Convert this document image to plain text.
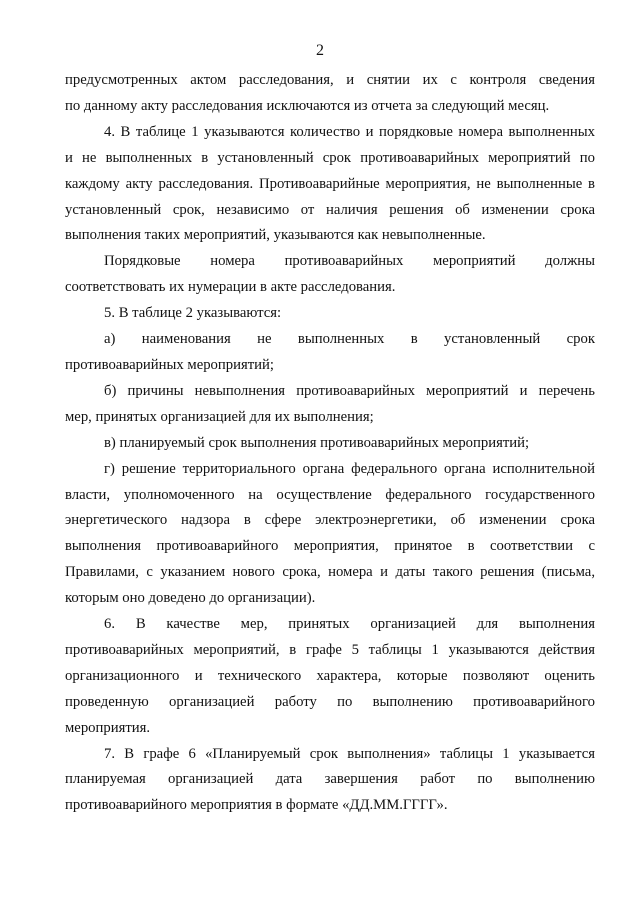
2
предусмотренных актом расследования, и снятии их с контроля сведения
по данному акту расследования исключаются из отчета за следующий месяц.
4. В таблице 1 указываются количество и порядковые номера выполненных
и не выполненных в установленный срок противоаварийных мероприятий по
каждому акту расследования. Противоаварийные мероприятия, не выполненные в
установленный срок, независимо от наличия решения об изменении срока
выполнения таких мероприятий, указываются как невыполненные.
Порядковые номера противоаварийных мероприятий должны
соответствовать их нумерации в акте расследования.
5. В таблице 2 указываются:
а) наименования не выполненных в установленный срок
противоаварийных мероприятий;
б) причины невыполнения противоаварийных мероприятий и перечень
мер, принятых организацией для их выполнения;
в) планируемый срок выполнения противоаварийных мероприятий;
г) решение территориального органа федерального органа исполнительной
власти, уполномоченного на осуществление федерального государственного
энергетического надзора в сфере электроэнергетики, об изменении срока
выполнения противоаварийного мероприятия, принятое в соответствии с
Правилами, с указанием нового срока, номера и даты такого решения (письма,
которым оно доведено до организации).
6. В качестве мер, принятых организацией для выполнения
противоаварийных мероприятий, в графе 5 таблицы 1 указываются действия
организационного и технического характера, которые позволяют оценить
проведенную организацией работу по выполнению противоаварийного
мероприятия.
7. В графе 6 «Планируемый срок выполнения» таблицы 1 указывается
планируемая организацией дата завершения работ по выполнению
противоаварийного мероприятия в формате «ДД.ММ.ГГГГ».
